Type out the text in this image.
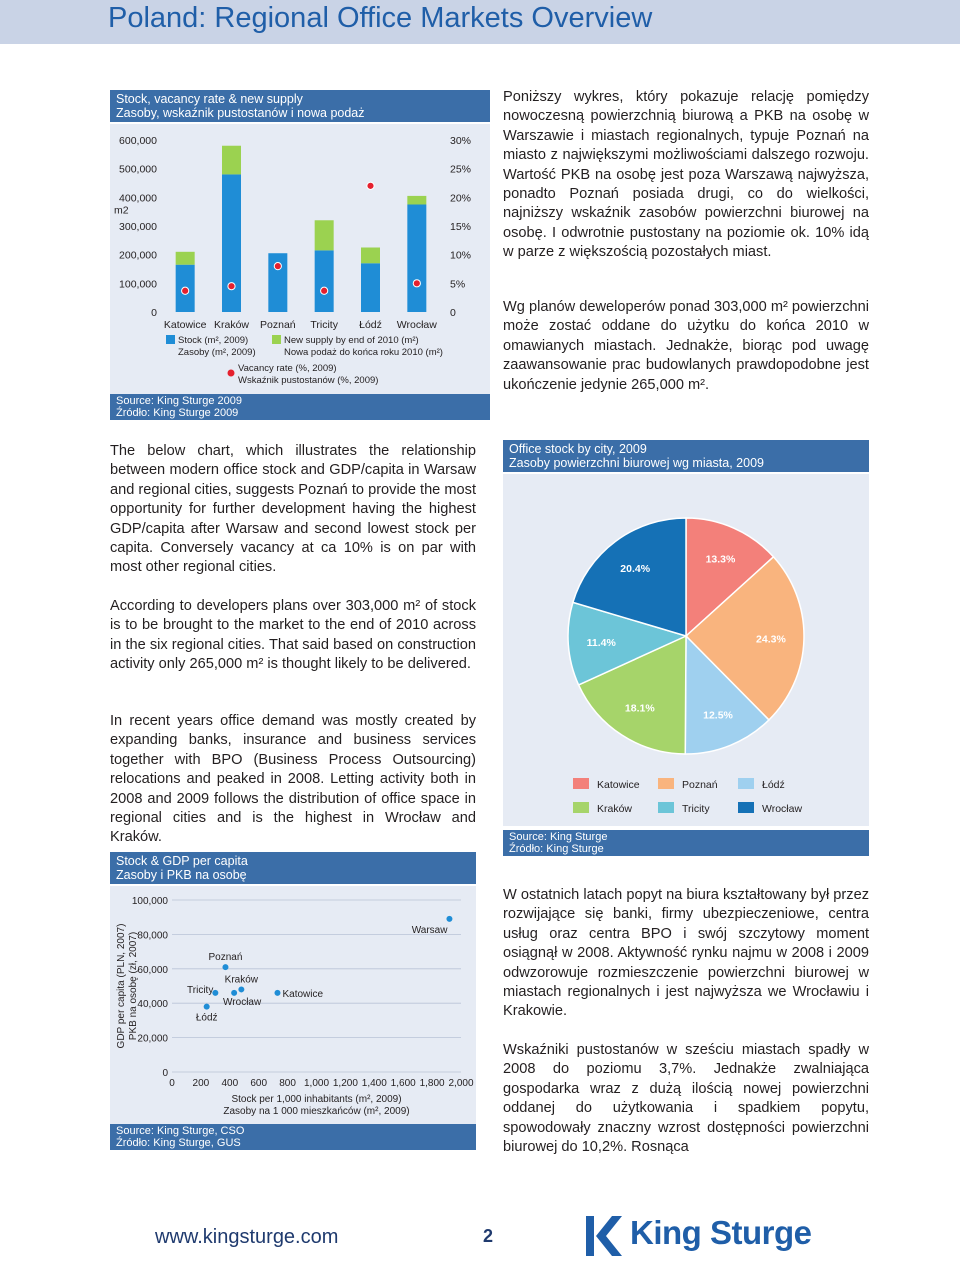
Poland: Regional Office Markets Overview
Stock, vacancy rate & new supply
Zasoby, wskaźnik pustostanów i nowa podaż
600,000
500,000
400,000
300,000
200,000
100,000
0
30%
25%
20%
15%
10%
5%
0
m2
Katowice Kraków Poznań Tricity Łódź Wrocław
Stock (m², 2009)
Zasoby (m², 2009)
New supply by end of 2010 (m²)
Nowa podaż do końca roku 2010 (m²)
Vacancy rate (%, 2009)
Wskaźnik pustostanów (%, 2009)
Source: King Sturge 2009
Źródło: King Sturge 2009
Poniższy wykres, który pokazuje relację pomiędzy nowoczesną powierzchnią biurową a PKB na osobę w Warszawie i miastach regionalnych, typuje Poznań na miasto z największymi możliwościami dalszego rozwoju. Wartość PKB na osobę jest poza Warszawą najwyższa, ponadto Poznań posiada drugi, co do wielkości, najniższy wskaźnik zasobów powierzchni biurowej na osobę. I odwrotnie pustostany na poziomie ok. 10% idą w parze z większością pozostałych miast.
Wg planów deweloperów ponad 303,000 m² powierzchni może zostać oddane do użytku do końca 2010 w omawianych miastach. Jednakże, biorąc pod uwagę zaawansowanie prac budowlanych prawdopodobne jest ukończenie jedynie 265,000 m².
The below chart, which illustrates the relationship between modern office stock and GDP/capita in Warsaw and regional cities, suggests Poznań to provide the most opportunity for further development having the highest GDP/capita after Warsaw and second lowest stock per capita. Conversely vacancy at ca 10% is on par with most other regional cities.
According to developers plans over 303,000 m² of stock is to be brought to the market to the end of 2010 across in the six regional cities. That said based on construction activity only 265,000 m² is thought likely to be delivered.
In recent years office demand was mostly created by expanding banks, insurance and business services together with BPO (Business Process Outsourcing) relocations and peaked in 2008. Letting activity both in 2008 and 2009 follows the distribution of office space in regional cities and is the highest in Wrocław and Kraków.
Office stock by city, 2009
Zasoby powierzchni biurowej wg miasta, 2009
13.3%
24.3%
12.5%
18.1%
11.4%
20.4%
Katowice	Poznań	Łódź
Kraków	Tricity	Wrocław
Source: King Sturge
Źródło: King Sturge
Stock & GDP per capita
Zasoby i PKB na osobę
100,000
80,000
60,000
40,000
20,000
0
0 200 400 600 800 1,000 1,200 1,400 1,600 1,800 2,000
Warsaw
Poznań
Kraków
Wrocław
Tricity	Katowice
Łódź
Stock per 1,000 inhabitants (m², 2009)
Zasoby na 1 000 mieszkańców (m², 2009)
GDP per capita (PLN, 2007) PKB na osobę (zł, 2007)
Source: King Sturge, CSO
Źródło: King Sturge, GUS
W ostatnich latach popyt na biura kształtowany był przez rozwijające się banki, firmy ubezpieczeniowe, centra usług oraz centra BPO i swój szczytowy moment osiągnął w 2008. Aktywność rynku najmu w 2008 i 2009 odwzorowuje rozmieszczenie powierzchni biurowej w miastach regionalnych i jest najwyższa we Wrocławiu i Krakowie.
Wskaźniki pustostanów w sześciu miastach spadły w 2008 do poziomu 3,7%. Jednakże zwalniająca gospodarka wraz z dużą ilością nowej powierzchni oddanej do użytkowania i spadkiem popytu, spowodowały znaczny wzrost dostępności powierzchni biurowej do 10,2%. Rosnąca
www.kingsturge.com	2	King Sturge
